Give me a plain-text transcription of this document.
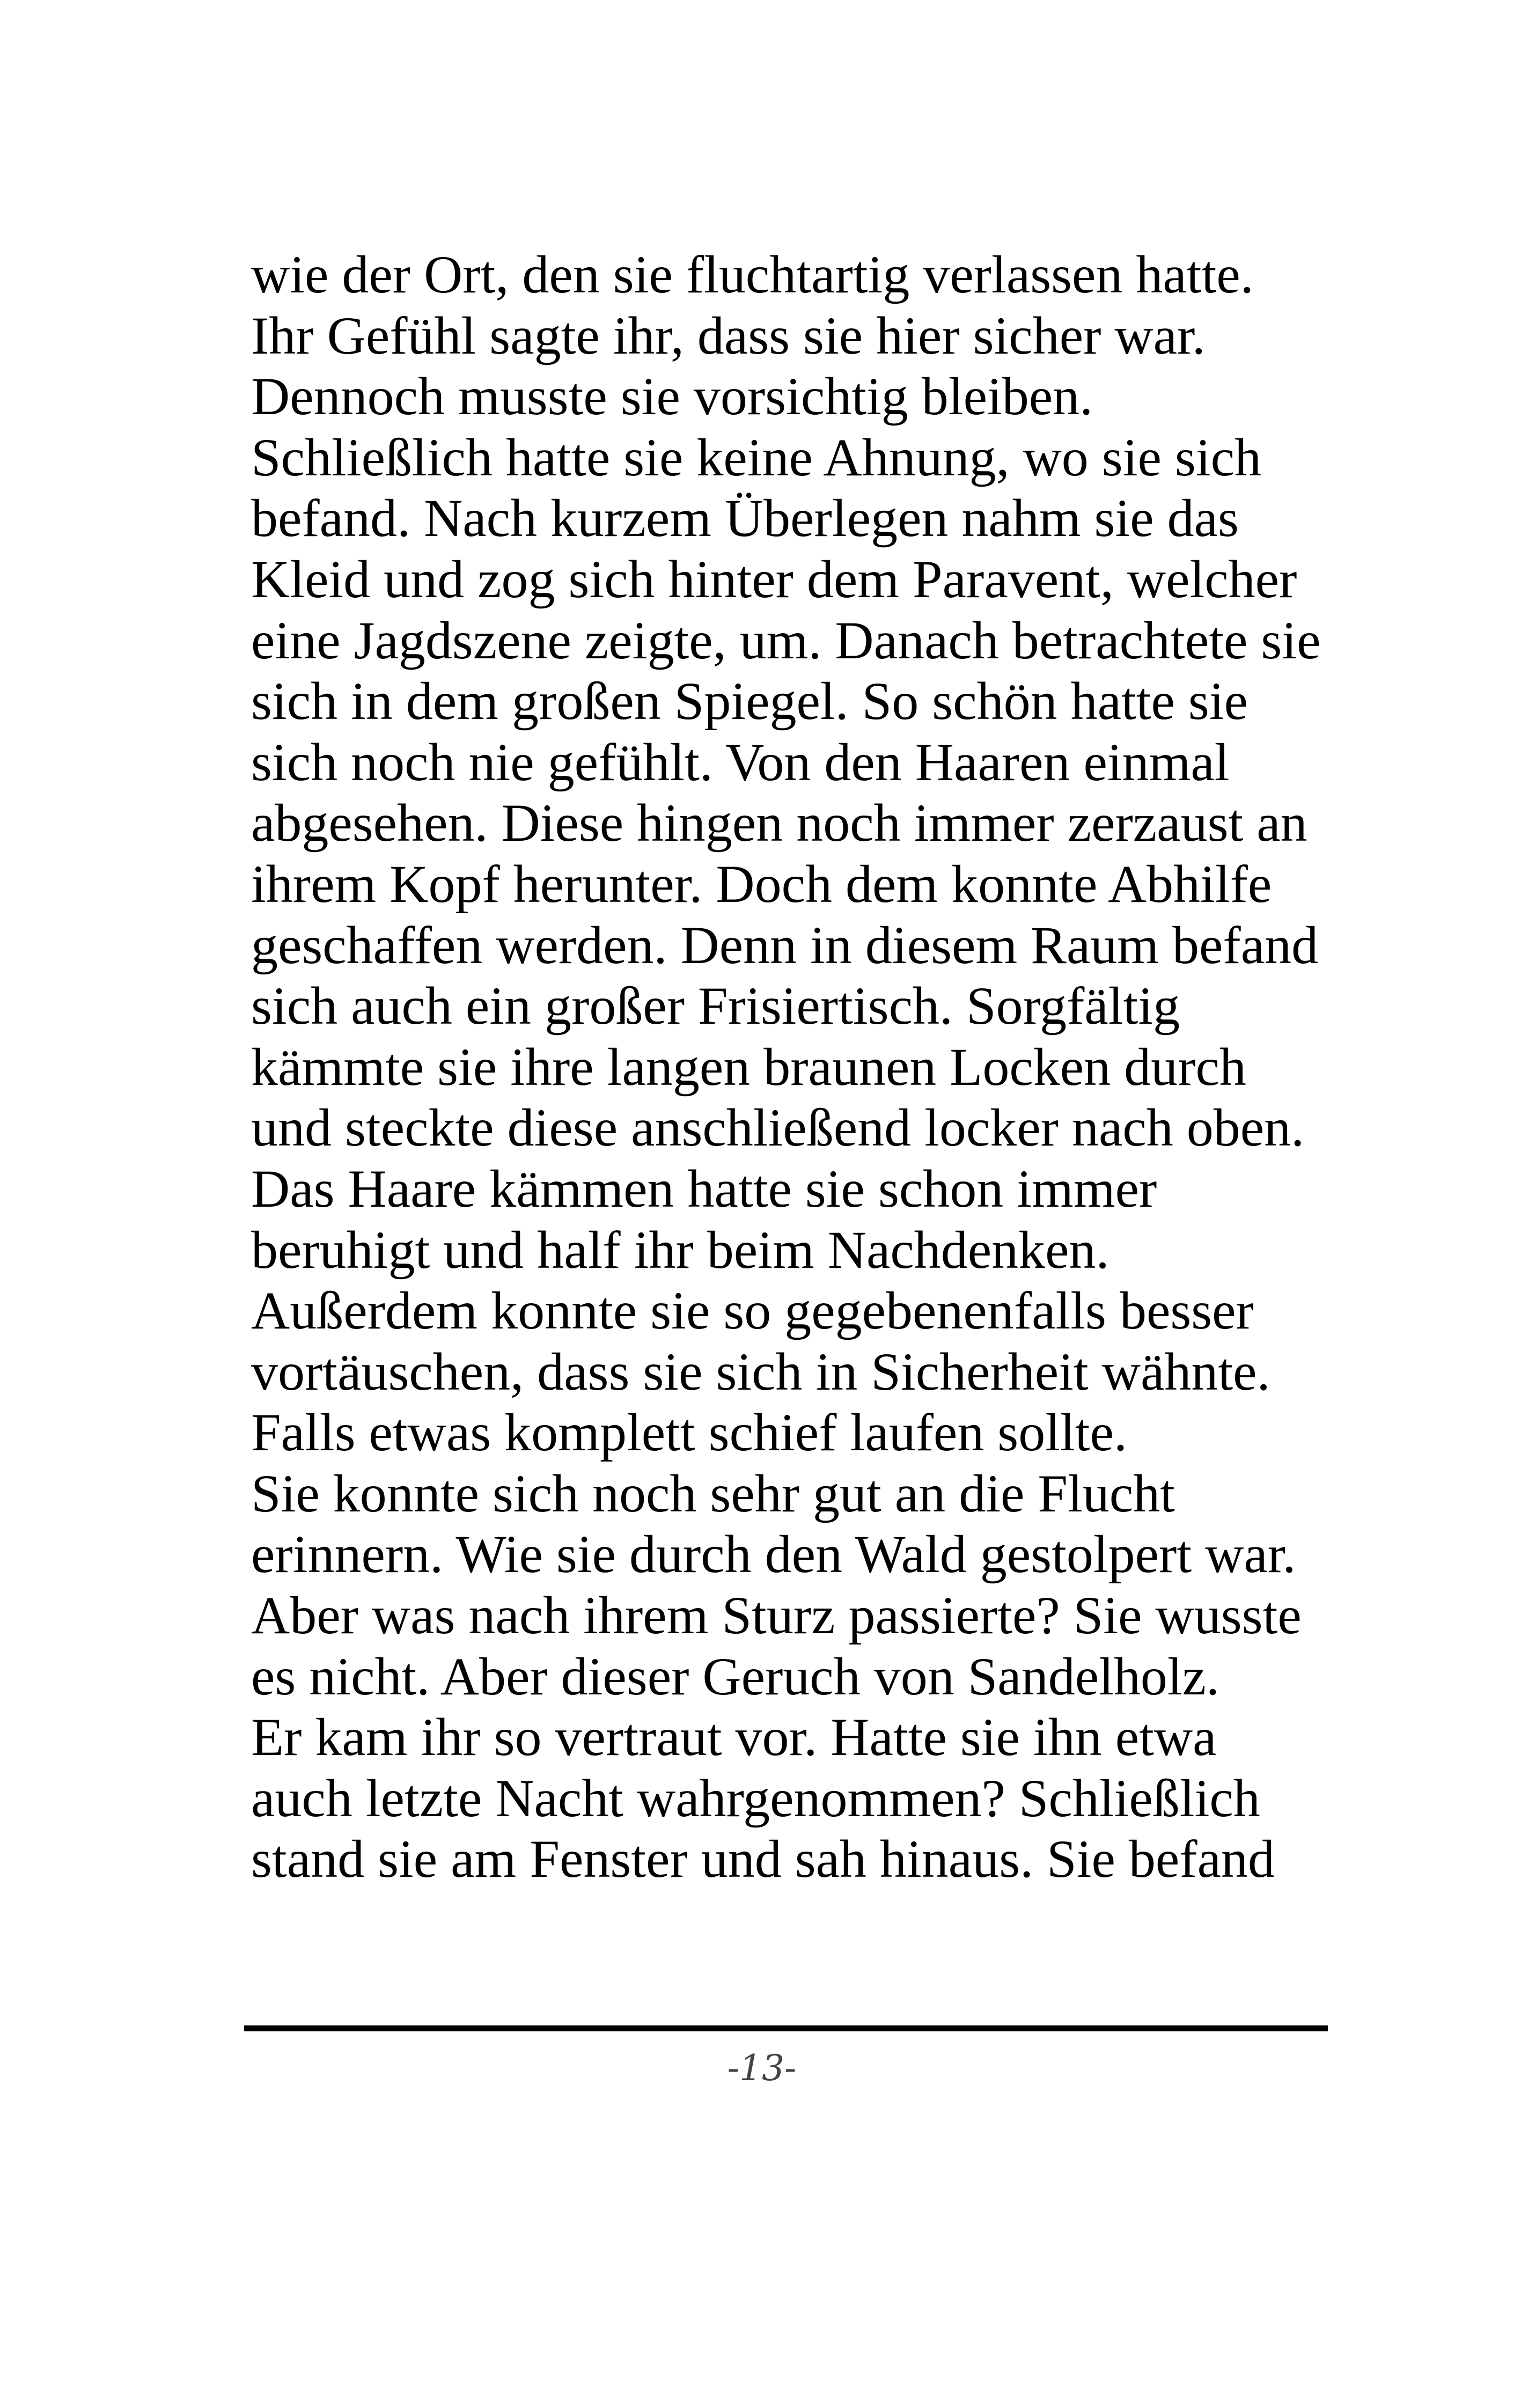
wie der Ort, den sie fluchtartig verlassen hatte.
Ihr Gefühl sagte ihr, dass sie hier sicher war.
Dennoch musste sie vorsichtig bleiben.
Schließlich hatte sie keine Ahnung, wo sie sich
befand. Nach kurzem Überlegen nahm sie das
Kleid und zog sich hinter dem Paravent, welcher
eine Jagdszene zeigte, um. Danach betrachtete sie
sich in dem großen Spiegel. So schön hatte sie
sich noch nie gefühlt. Von den Haaren einmal
abgesehen. Diese hingen noch immer zerzaust an
ihrem Kopf herunter. Doch dem konnte Abhilfe
geschaffen werden. Denn in diesem Raum befand
sich auch ein großer Frisiertisch. Sorgfältig
kämmte sie ihre langen braunen Locken durch
und steckte diese anschließend locker nach oben.
Das Haare kämmen hatte sie schon immer
beruhigt und half ihr beim Nachdenken.
Außerdem konnte sie so gegebenenfalls besser
vortäuschen, dass sie sich in Sicherheit wähnte.
Falls etwas komplett schief laufen sollte.
Sie konnte sich noch sehr gut an die Flucht
erinnern. Wie sie durch den Wald gestolpert war.
Aber was nach ihrem Sturz passierte? Sie wusste
es nicht. Aber dieser Geruch von Sandelholz.
Er kam ihr so vertraut vor. Hatte sie ihn etwa
auch letzte Nacht wahrgenommen? Schließlich
stand sie am Fenster und sah hinaus. Sie befand
-13-
